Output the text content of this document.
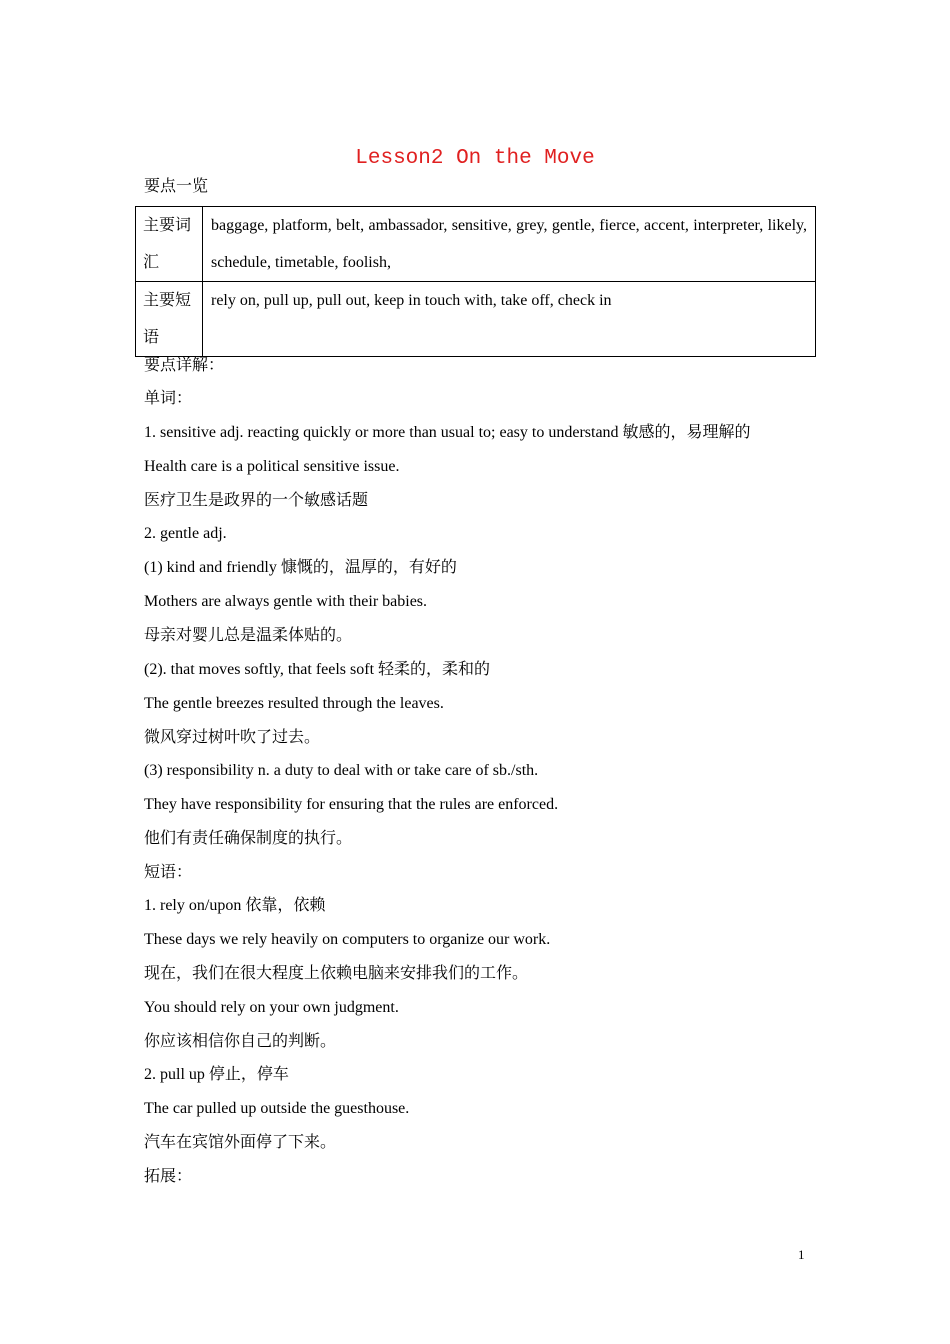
Lesson2 On the Move
要点一览
主要词汇	baggage, platform, belt, ambassador, sensitive, grey, gentle, fierce, accent, interpreter, likely, schedule, timetable, foolish,
主要短语	rely on, pull up, pull out, keep in touch with, take off, check in
要点详解：
单词：
1. sensitive adj. reacting quickly or more than usual to; easy to understand 敏感的，易理解的
Health care is a political sensitive issue.
医疗卫生是政界的一个敏感话题
2. gentle adj.
(1) kind and friendly 慷慨的，温厚的，有好的
Mothers are always gentle with their babies.
母亲对婴儿总是温柔体贴的。
(2). that moves softly, that feels soft 轻柔的，柔和的
The gentle breezes resulted through the leaves.
微风穿过树叶吹了过去。
(3) responsibility n. a duty to deal with or take care of sb./sth.
They have responsibility for ensuring that the rules are enforced.
他们有责任确保制度的执行。
短语：
1. rely on/upon 依靠，依赖
These days we rely heavily on computers to organize our work.
现在，我们在很大程度上依赖电脑来安排我们的工作。
You should rely on your own judgment.
你应该相信你自己的判断。
2. pull up 停止，停车
The car pulled up outside the guesthouse.
汽车在宾馆外面停了下来。
拓展：
1
